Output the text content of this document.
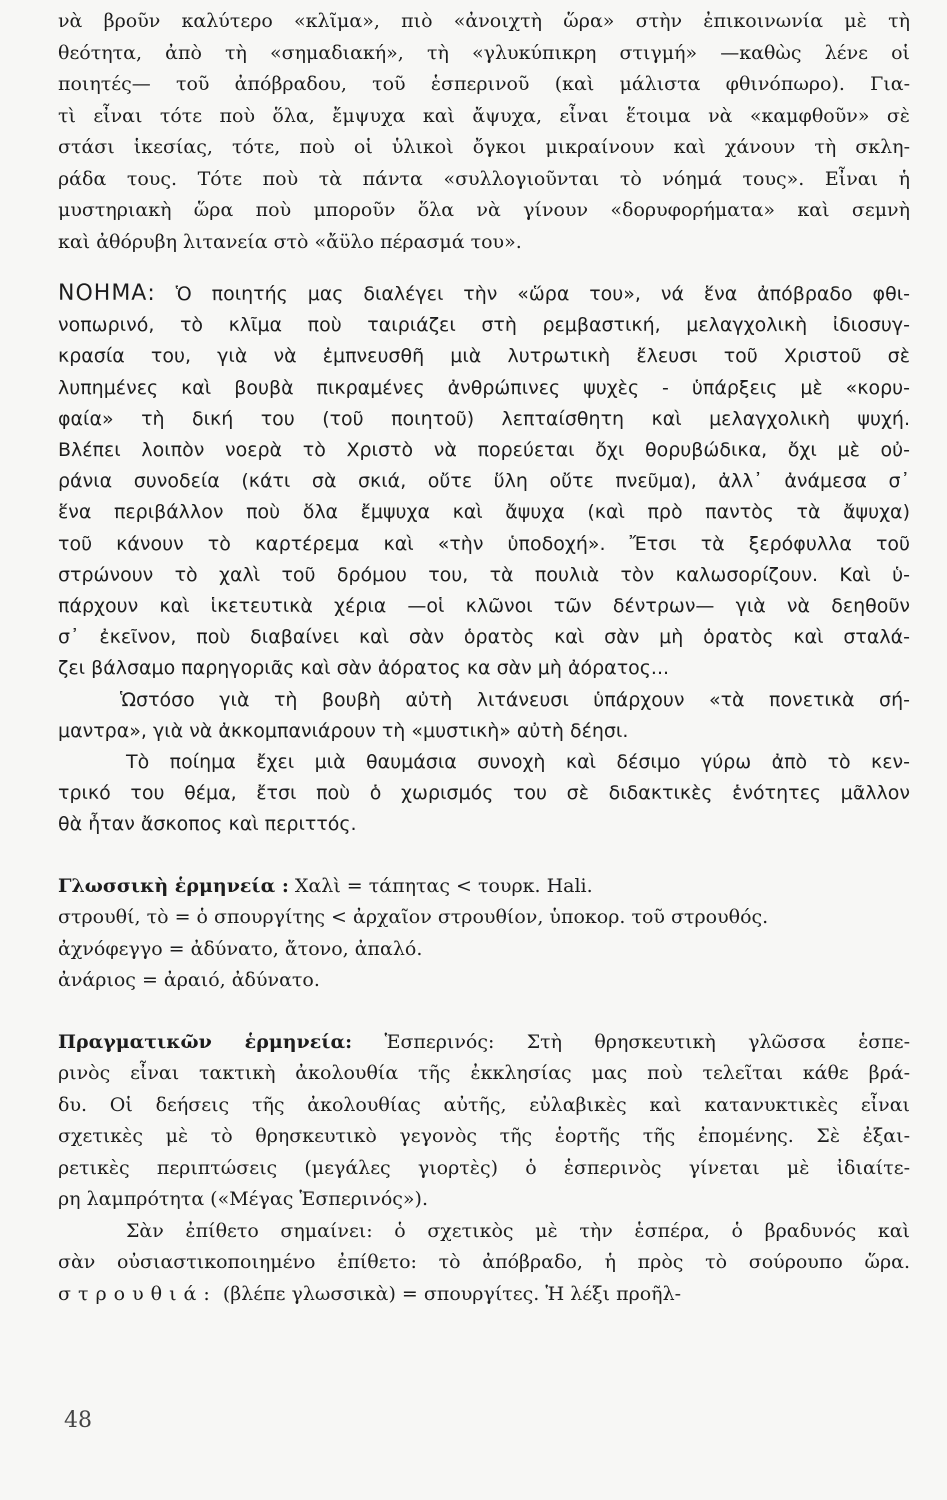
νὰ βροῦν καλύτερο «κλῖμα», πιὸ «ἀνοιχτὴ ὥρα» στὴν ἐπικοινωνία μὲ τὴ
θεότητα, ἀπὸ τὴ «σημαδιακή», τὴ «γλυκύπικρη στιγμή» —καθὼς λένε οἱ
ποιητές— τοῦ ἀπόβραδου, τοῦ ἑσπερινοῦ (καὶ μάλιστα φθινόπωρο). Για-
τὶ εἶναι τότε ποὺ ὅλα, ἔμψυχα καὶ ἄψυχα, εἶναι ἕτοιμα νὰ «καμφθοῦν» σὲ
στάσι ἱκεσίας, τότε, ποὺ οἱ ὑλικοὶ ὄγκοι μικραίνουν καὶ χάνουν τὴ σκλη-
ράδα τους. Τότε ποὺ τὰ πάντα «συλλογιοῦνται τὸ νόημά τους». Εἶναι ἡ
μυστηριακὴ ὥρα ποὺ μποροῦν ὅλα νὰ γίνουν «δορυφορήματα» καὶ σεμνὴ
καὶ ἀθόρυβη λιτανεία στὸ «ἄϋλο πέρασμά του».
ΝΟΗΜΑ: Ὁ ποιητής μας διαλέγει τὴν «ὥρα του», νά ἕνα ἀπόβραδο φθι-
νοπωρινό, τὸ κλῖμα ποὺ ταιριάζει στὴ ρεμβαστική, μελαγχολικὴ ἰδιοσυγ-
κρασία του, γιὰ νὰ ἐμπνευσθῆ μιὰ λυτρωτικὴ ἔλευσι τοῦ Χριστοῦ σὲ
λυπημένες καὶ βουβὰ πικραμένες ἀνθρώπινες ψυχὲς - ὑπάρξεις μὲ «κορυ-
φαία» τὴ δική του (τοῦ ποιητοῦ) λεπταίσθητη καὶ μελαγχολικὴ ψυχή.
Βλέπει λοιπὸν νοερὰ τὸ Χριστὸ νὰ πορεύεται ὄχι θορυβώδικα, ὄχι μὲ οὐ-
ράνια συνοδεία (κάτι σὰ σκιά, οὔτε ὕλη οὔτε πνεῦμα), ἀλλ᾽ ἀνάμεσα σ᾽
ἕνα περιβάλλον ποὺ ὅλα ἔμψυχα καὶ ἄψυχα (καὶ πρὸ παντὸς τὰ ἄψυχα)
τοῦ κάνουν τὸ καρτέρεμα καὶ «τὴν ὑποδοχή». Ἔτσι τὰ ξερόφυλλα τοῦ
στρώνουν τὸ χαλὶ τοῦ δρόμου του, τὰ πουλιὰ τὸν καλωσορίζουν. Καὶ ὑ-
πάρχουν καὶ ἱκετευτικὰ χέρια —οἱ κλῶνοι τῶν δέντρων— γιὰ νὰ δεηθοῦν
σ᾽ ἐκεῖνον, ποὺ διαβαίνει καὶ σὰν ὁρατὸς καὶ σὰν μὴ ὁρατὸς καὶ σταλά-
ζει βάλσαμο παρηγοριᾶς καὶ σὰν ἀόρατος κα σὰν μὴ ἀόρατος...
Ὡστόσο γιὰ τὴ βουβὴ αὐτὴ λιτάνευσι ὑπάρχουν «τὰ πονετικὰ σή-
μαντρα», γιὰ νὰ ἀκκομπανιάρουν τὴ «μυστικὴ» αὐτὴ δέησι.
Τὸ ποίημα ἔχει μιὰ θαυμάσια συνοχὴ καὶ δέσιμο γύρω ἀπὸ τὸ κεν-
τρικό του θέμα, ἔτσι ποὺ ὁ χωρισμός του σὲ διδακτικὲς ἑνότητες μᾶλλον
θὰ ἦταν ἄσκοπος καὶ περιττός.
Γλωσσικὴ ἑρμηνεία : Χαλὶ = τάπητας < τουρκ. Hali.
στρουθί, τὸ = ὁ σπουργίτης < ἀρχαῖον στρουθίον, ὑποκορ. τοῦ στρουθός.
ἀχνόφεγγο = ἀδύνατο, ἄτονο, ἀπαλό.
ἀνάριος = ἀραιό, ἀδύνατο.
Πραγματικῶν ἑρμηνεία: Ἑσπερινός: Στὴ θρησκευτικὴ γλῶσσα ἑσπε-
ρινὸς εἶναι τακτικὴ ἀκολουθία τῆς ἐκκλησίας μας ποὺ τελεῖται κάθε βρά-
δυ. Οἱ δεήσεις τῆς ἀκολουθίας αὐτῆς, εὐλαβικὲς καὶ κατανυκτικὲς εἶναι
σχετικὲς μὲ τὸ θρησκευτικὸ γεγονὸς τῆς ἑορτῆς τῆς ἐπομένης. Σὲ ἐξαι-
ρετικὲς περιπτώσεις (μεγάλες γιορτὲς) ὁ ἑσπερινὸς γίνεται μὲ ἰδιαίτε-
ρη λαμπρότητα («Μέγας Ἑσπερινός»).
Σὰν ἐπίθετο σημαίνει: ὁ σχετικὸς μὲ τὴν ἑσπέρα, ὁ βραδυνός καὶ
σὰν οὐσιαστικοποιημένο ἐπίθετο: τὸ ἀπόβραδο, ἡ πρὸς τὸ σούρουπο ὥρα.
στρουθιά: (βλέπε γλωσσικὰ) = σπουργίτες. Ἡ λέξι προῆλ-
48
